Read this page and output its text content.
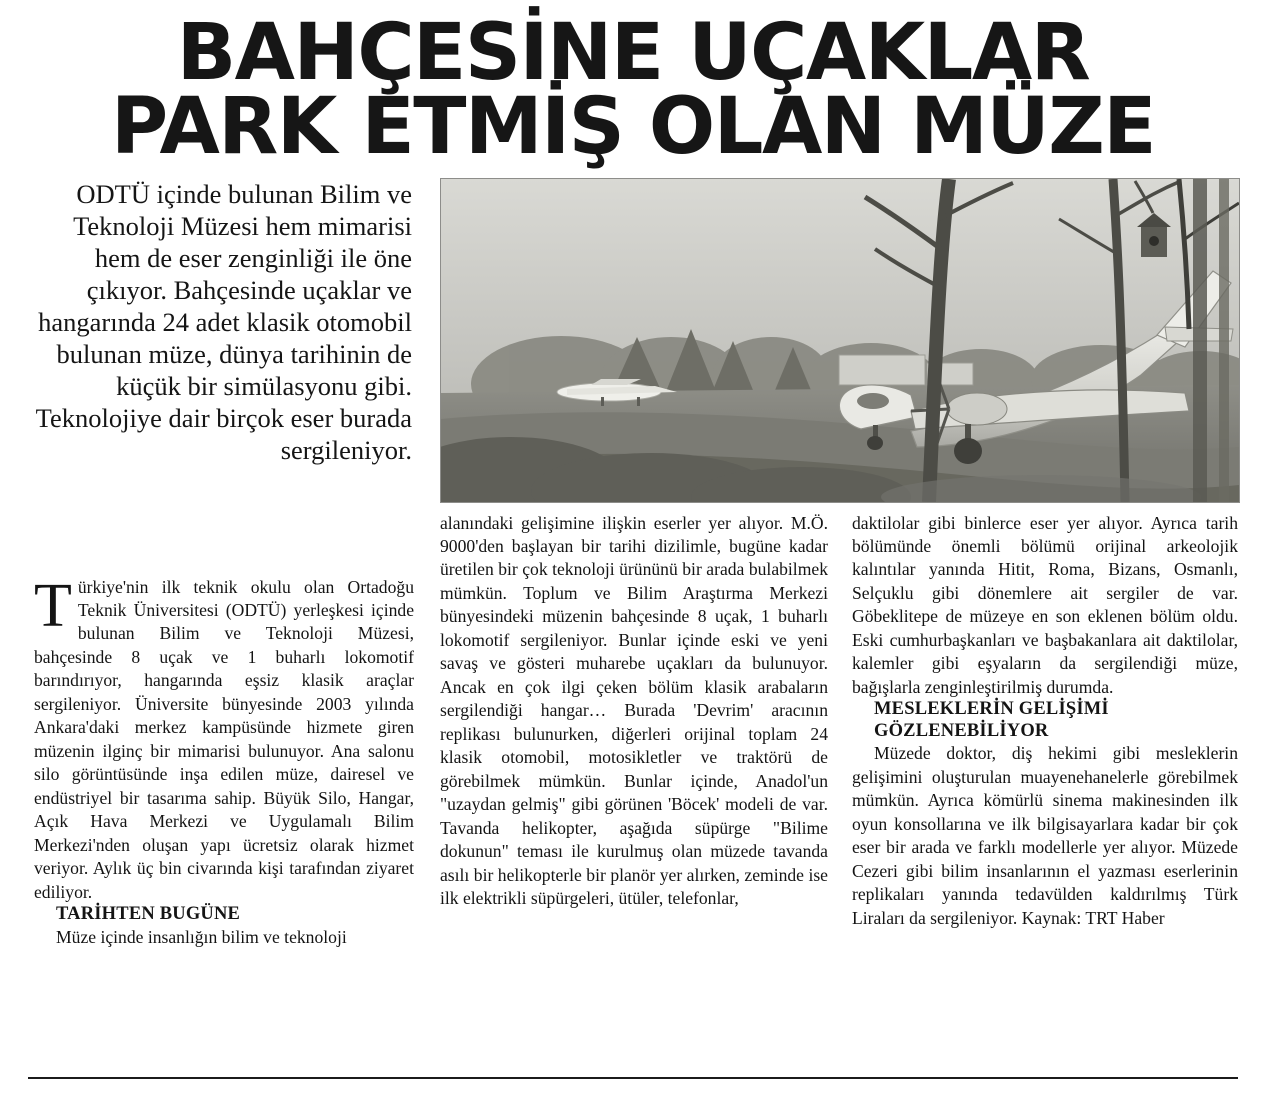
BAHÇESİNE UÇAKLAR
PARK ETMİŞ OLAN MÜZE
ODTÜ içinde bulunan Bilim ve Teknoloji Müzesi hem mimarisi hem de eser zenginliği ile öne çıkıyor. Bahçesinde uçaklar ve hangarında 24 adet klasik otomobil bulunan müze, dünya tarihinin de küçük bir simülasyonu gibi. Teknolojiye dair birçok eser burada sergileniyor.

Türkiye'nin ilk teknik okulu olan Ortadoğu Teknik Üniversitesi (ODTÜ) yerleşkesi içinde bulunan Bilim ve Teknoloji Müzesi, bahçesinde 8 uçak ve 1 buharlı lokomotif barındırıyor, hangarında eşsiz klasik araçlar sergileniyor. Üniversite bünyesinde 2003 yılında Ankara'daki merkez kampüsünde hizmete giren müzenin ilginç bir mimarisi bulunuyor. Ana salonu silo görüntüsünde inşa edilen müze, dairesel ve endüstriyel bir tasarıma sahip. Büyük Silo, Hangar, Açık Hava Merkezi ve Uygulamalı Bilim Merkezi'nden oluşan yapı ücretsiz olarak hizmet veriyor. Aylık üç bin civarında kişi tarafından ziyaret ediliyor.

TARİHTEN BUGÜNE

Müze içinde insanlığın bilim ve teknoloji

alanındaki gelişimine ilişkin eserler yer alıyor. M.Ö. 9000'den başlayan bir tarihi dizilimle, bugüne kadar üretilen bir çok teknoloji ürününü bir arada bulabilmek mümkün. Toplum ve Bilim Araştırma Merkezi bünyesindeki müzenin bahçesinde 8 uçak, 1 buharlı lokomotif sergileniyor. Bunlar içinde eski ve yeni savaş ve gösteri muharebe uçakları da bulunuyor. Ancak en çok ilgi çeken bölüm klasik arabaların sergilendiği hangar… Burada 'Devrim' aracının replikası bulunurken, diğerleri orijinal toplam 24 klasik otomobil, motosikletler ve traktörü de görebilmek mümkün. Bunlar içinde, Anadol'un "uzaydan gelmiş" gibi görünen 'Böcek' modeli de var. Tavanda helikopter, aşağıda süpürge "Bilime dokunun" teması ile kurulmuş olan müzede tavanda asılı bir helikopterle bir planör yer alırken, zeminde ise ilk elektrikli süpürgeleri, ütüler, telefonlar,

daktilolar gibi binlerce eser yer alıyor. Ayrıca tarih bölümünde önemli bölümü orijinal arkeolojik kalıntılar yanında Hitit, Roma, Bizans, Osmanlı, Selçuklu gibi dönemlere ait sergiler de var. Göbeklitepe de müzeye en son eklenen bölüm oldu. Eski cumhurbaşkanları ve başbakanlara ait daktilolar, kalemler gibi eşyaların da sergilendiği müze, bağışlarla zenginleştirilmiş durumda.

MESLEKLERİN GELİŞİMİ

GÖZLENEBİLİYOR

Müzede doktor, diş hekimi gibi mesleklerin gelişimini oluşturulan muayenehanelerle görebilmek mümkün. Ayrıca kömürlü sinema makinesinden ilk oyun konsollarına ve ilk bilgisayarlara kadar bir çok eser bir arada ve farklı modellerle yer alıyor. Müzede Cezeri gibi bilim insanlarının el yazması eserlerinin replikaları yanında tedavülden kaldırılmış Türk Liraları da sergileniyor. Kaynak: TRT Haber
